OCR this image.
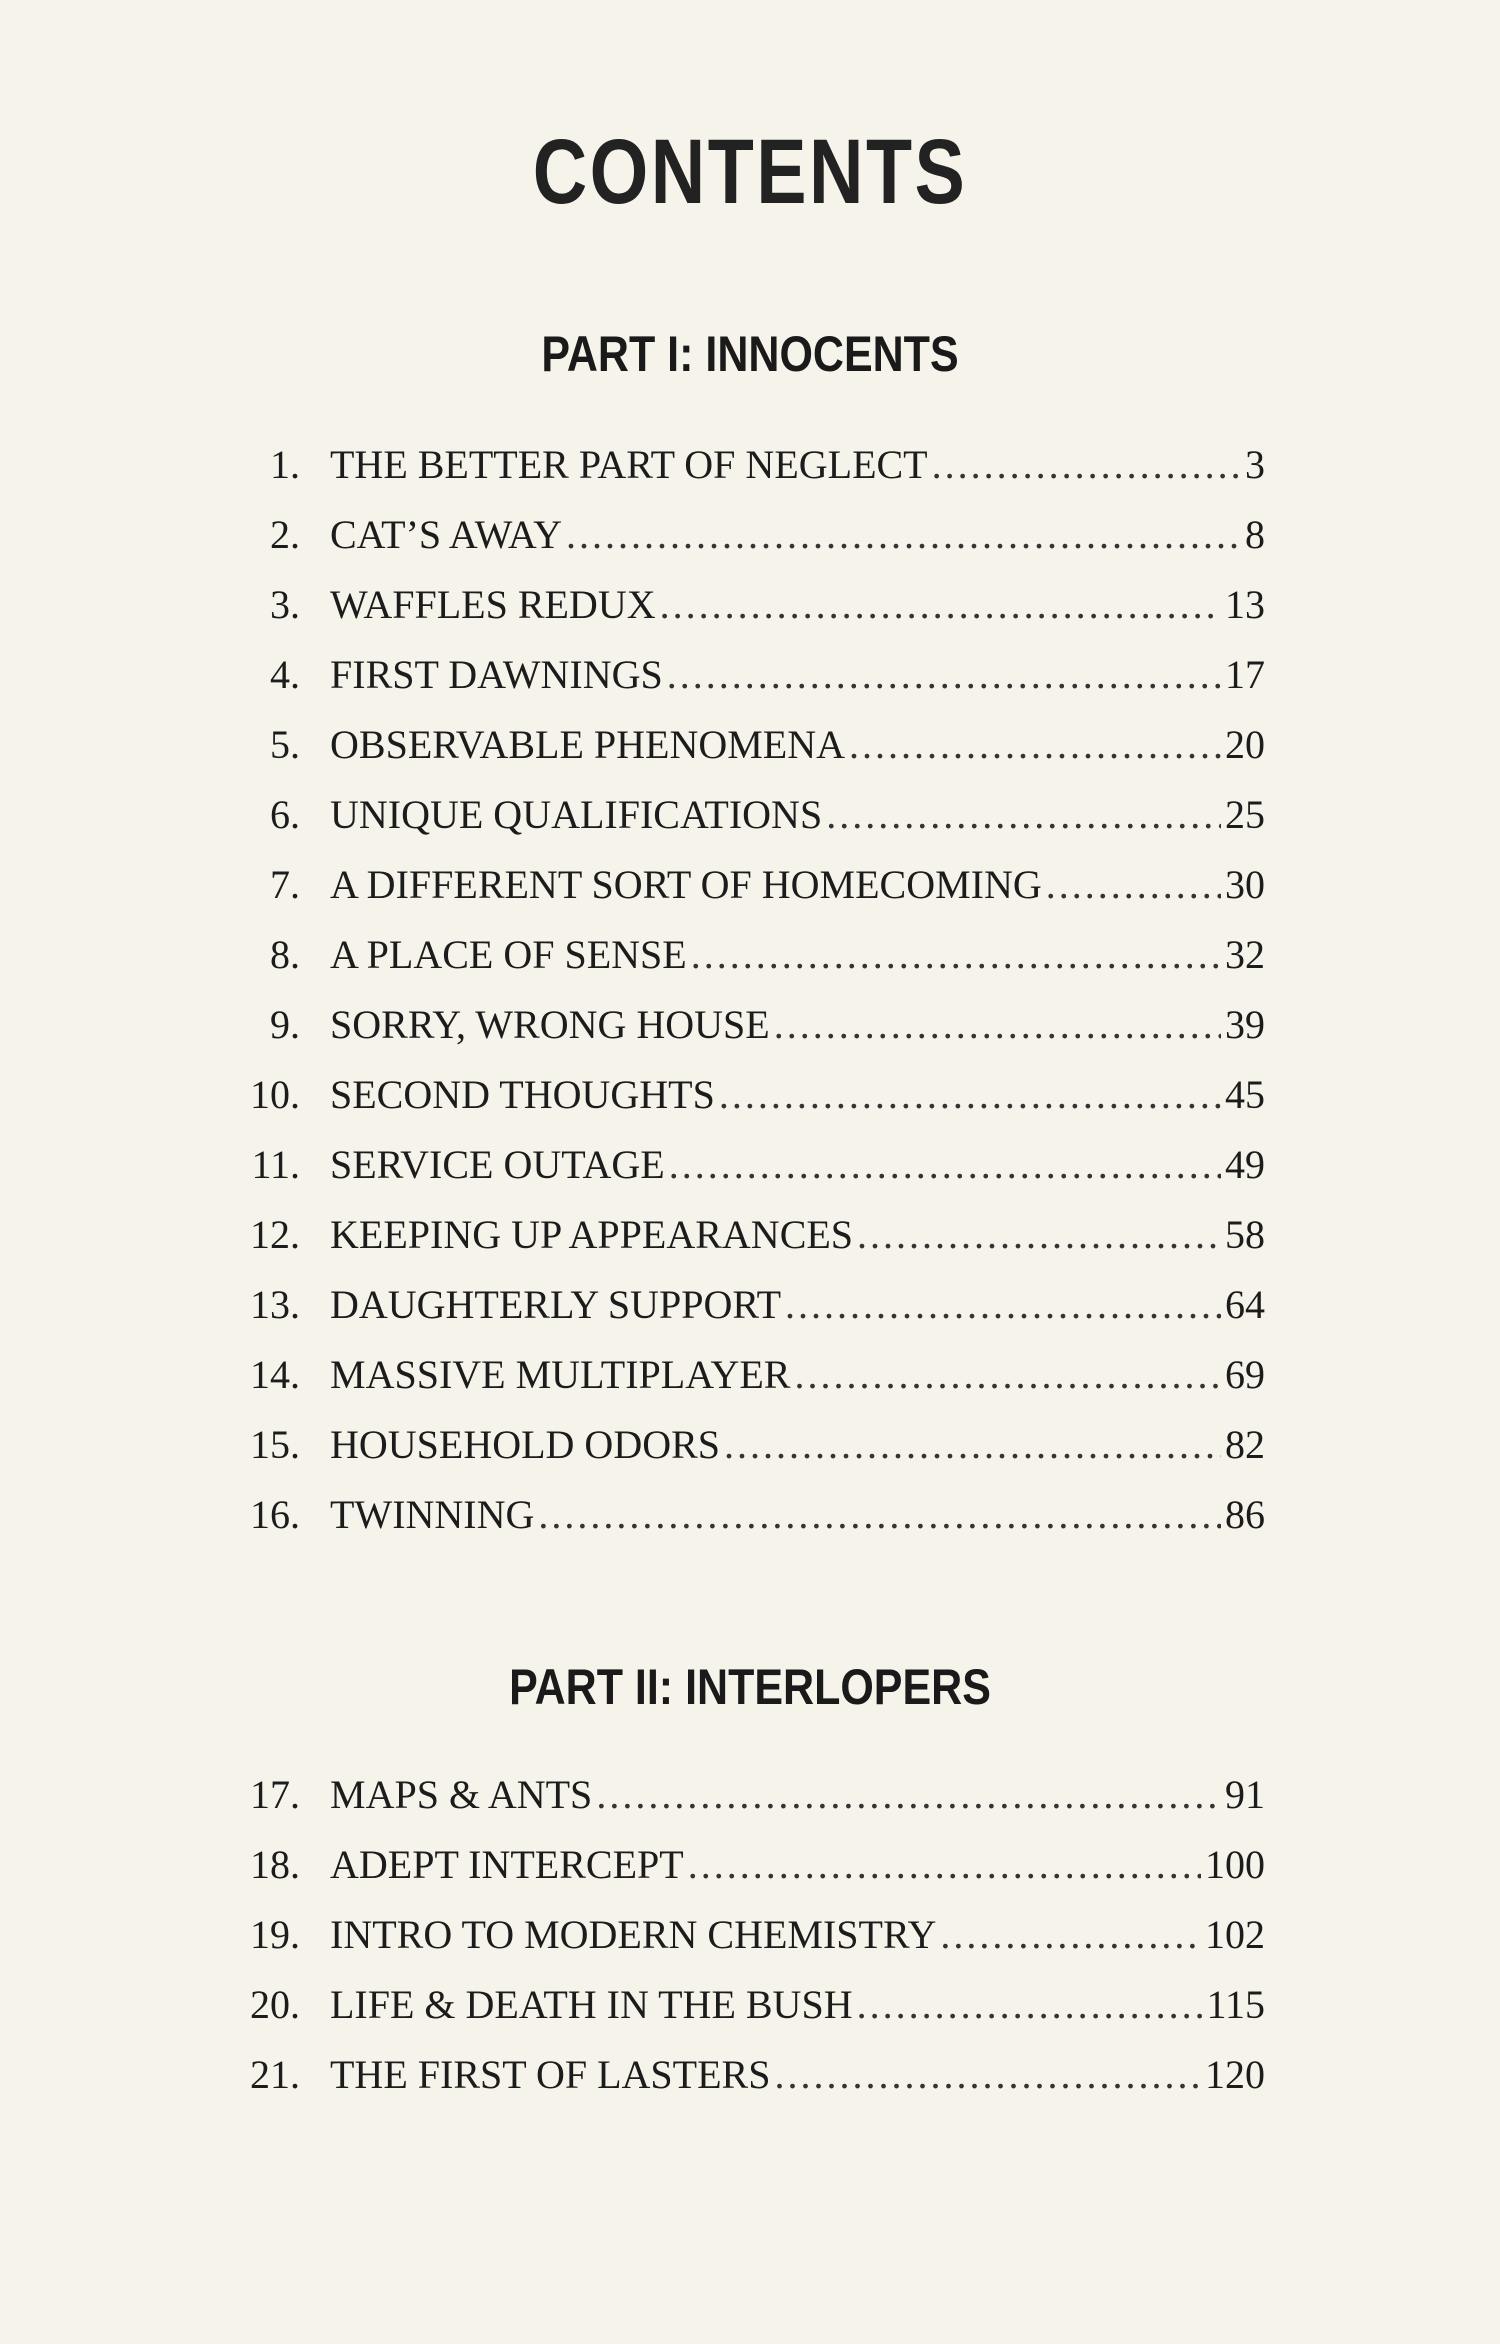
CONTENTS
PART I: INNOCENTS
1. THE BETTER PART OF NEGLECT .....	3
2. CAT’S AWAY .....	8
3. WAFFLES REDUX .....	13
4. FIRST DAWNINGS .....	17
5. OBSERVABLE PHENOMENA .....	20
6. UNIQUE QUALIFICATIONS .....	25
7. A DIFFERENT SORT OF HOMECOMING .....	30
8. A PLACE OF SENSE .....	32
9. SORRY, WRONG HOUSE .....	39
10. SECOND THOUGHTS .....	45
11. SERVICE OUTAGE .....	49
12. KEEPING UP APPEARANCES .....	58
13. DAUGHTERLY SUPPORT .....	64
14. MASSIVE MULTIPLAYER .....	69
15. HOUSEHOLD ODORS .....	82
16. TWINNING .....	86
PART II: INTERLOPERS
17. MAPS & ANTS .....	91
18. ADEPT INTERCEPT .....	100
19. INTRO TO MODERN CHEMISTRY .....	102
20. LIFE & DEATH IN THE BUSH .....	115
21. THE FIRST OF LASTERS .....	120
